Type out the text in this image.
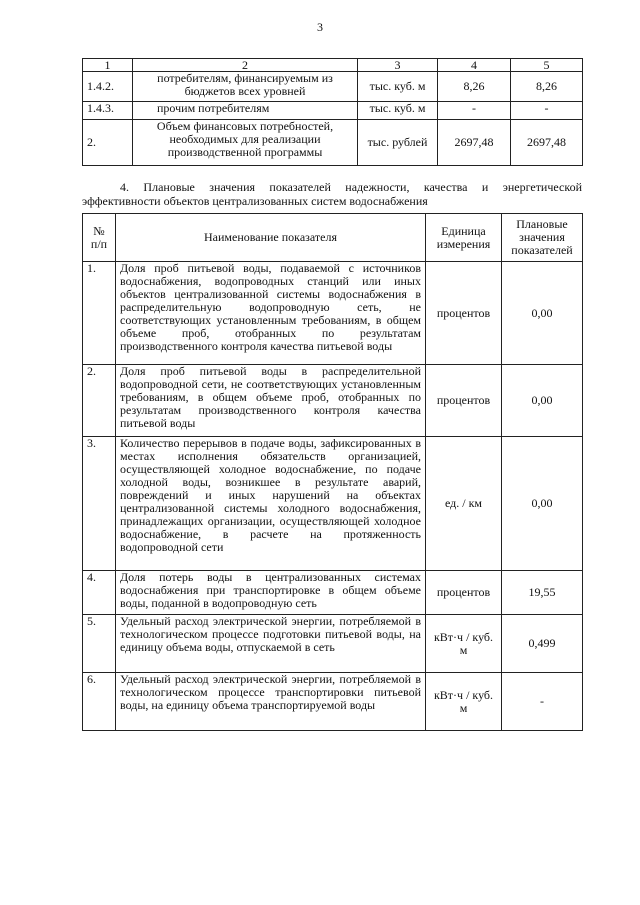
3
1	2	3	4	5
1.4.2.	потребителям, финансируемым из бюджетов всех уровней	тыс. куб. м	8,26	8,26
1.4.3.	прочим потребителям	тыс. куб. м	-	-
2.	Объем финансовых потребностей, необходимых для реализации производственной программы	тыс. рублей	2697,48	2697,48
4. Плановые значения показателей надежности, качества и энергетической эффективности объектов централизованных систем водоснабжения
№ п/п	Наименование показателя	Единица измерения	Плановые значения показателей
1.	Доля проб питьевой воды, подаваемой с источников водоснабжения, водопроводных станций или иных объектов централизованной системы водоснабжения в распределительную водопроводную сеть, не соответствующих установленным требованиям, в общем объеме проб, отобранных по результатам производственного контроля качества питьевой воды	процентов	0,00
2.	Доля проб питьевой воды в распределительной водопроводной сети, не соответствующих установленным требованиям, в общем объеме проб, отобранных по результатам производственного контроля качества питьевой воды	процентов	0,00
3.	Количество перерывов в подаче воды, зафиксированных в местах исполнения обязательств организацией, осуществляющей холодное водоснабжение, по подаче холодной воды, возникшее в результате аварий, повреждений и иных нарушений на объектах централизованной системы холодного водоснабжения, принадлежащих организации, осуществляющей холодное водоснабжение, в расчете на протяженность водопроводной сети	ед. / км	0,00
4.	Доля потерь воды в централизованных системах водоснабжения при транспортировке в общем объеме воды, поданной в водопроводную сеть	процентов	19,55
5.	Удельный расход электрической энергии, потребляемой в технологическом процессе подготовки питьевой воды, на единицу объема воды, отпускаемой в сеть	кВт·ч / куб. м	0,499
6.	Удельный расход электрической энергии, потребляемой в технологическом процессе транспортировки питьевой воды, на единицу объема транспортируемой воды	кВт·ч / куб. м	-
